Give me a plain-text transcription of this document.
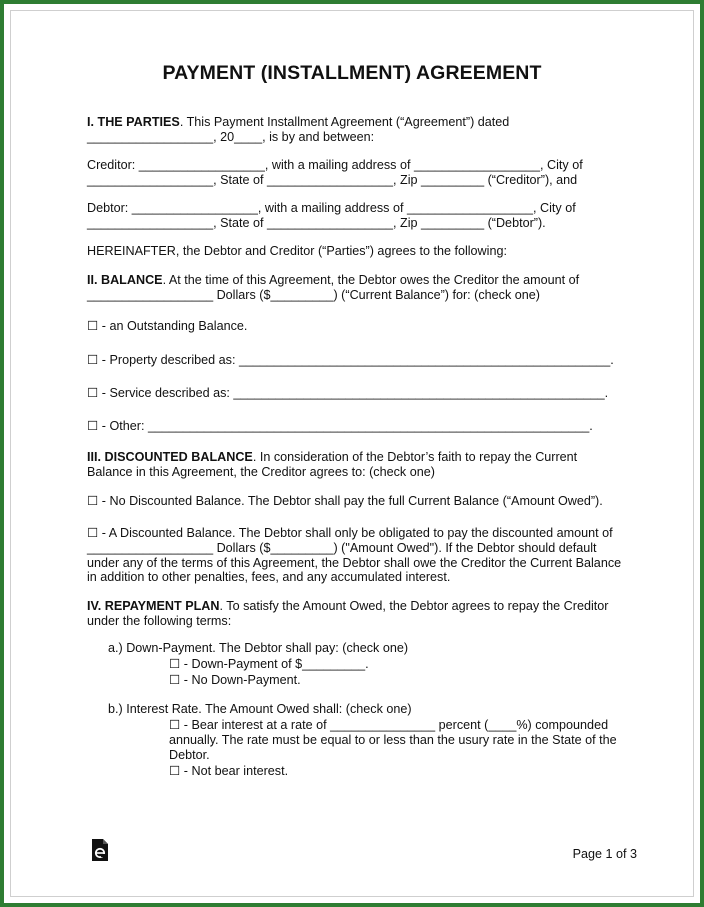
PAYMENT (INSTALLMENT) AGREEMENT
I. THE PARTIES. This Payment Installment Agreement (“Agreement”) dated
__________________, 20____, is by and between:
Creditor: __________________, with a mailing address of __________________, City of
__________________, State of __________________, Zip _________ (“Creditor”), and
Debtor: __________________, with a mailing address of __________________, City of
__________________, State of __________________, Zip _________ (“Debtor”).
HEREINAFTER, the Debtor and Creditor (“Parties”) agrees to the following:
II. BALANCE. At the time of this Agreement, the Debtor owes the Creditor the amount of
__________________ Dollars ($_________) (“Current Balance”) for: (check one)
☐ - an Outstanding Balance.
☐ - Property described as: _____________________________________________________.
☐ - Service described as: _____________________________________________________.
☐ - Other: _______________________________________________________________.
III. DISCOUNTED BALANCE. In consideration of the Debtor’s faith to repay the Current
Balance in this Agreement, the Creditor agrees to: (check one)
☐ - No Discounted Balance. The Debtor shall pay the full Current Balance (“Amount Owed”).
☐ - A Discounted Balance. The Debtor shall only be obligated to pay the discounted amount of
__________________ Dollars ($_________) ("Amount Owed"). If the Debtor should default
under any of the terms of this Agreement, the Debtor shall owe the Creditor the Current Balance
in addition to other penalties, fees, and any accumulated interest.
IV. REPAYMENT PLAN. To satisfy the Amount Owed, the Debtor agrees to repay the Creditor
under the following terms:
a.) Down-Payment. The Debtor shall pay: (check one)
☐ - Down-Payment of $_________.
☐ - No Down-Payment.
b.) Interest Rate. The Amount Owed shall: (check one)
☐ - Bear interest at a rate of _______________ percent (____%) compounded
annually. The rate must be equal to or less than the usury rate in the State of the
Debtor.
☐ - Not bear interest.
Page 1 of 3
